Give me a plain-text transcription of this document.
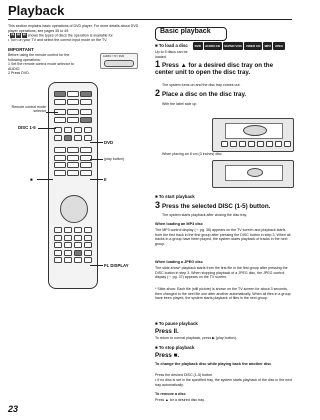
Playback
This section explains basic operations of DVD player. For more details about DVD player operations, see pages 35 to 49.
• ▮▮	▮▮	▮▮ shows the types of discs the operation is available for.
• Turn on your TV and select the correct input mode on the TV.
IMPORTANT
Before using the remote control for the following operations:
1 Set the remote control mode selector to AUDIO.
2 Press DVD.
AUDIO / TV / DVD
Remote control mode selector
DISC 1-5
DVD
(play button)
■	II
FL DISPLAY
23
Basic playback
■ To load a disc	DVD	AUDIO CD	SUPER VCD	VIDEO CD	MP3	JPEG
Up to 5 discs can be loaded.
1 Press ▲ for a desired disc tray on the center unit to open the disc tray.
The system turns on and the disc tray comes out.
2 Place a disc on the disc tray.
With the label side up
When placing an 8 cm (3 inches) disc
■ To start playback
3 Press the selected DISC (1-5) button.
The system starts playback after closing the disc tray.
When loading an MP3 disc
The MP3 control display (☞ pg. 36) appears on the TV screen and playback starts from the first track in the first group after pressing the DISC button in step 3. When all tracks in a group have been played, the system starts playback of tracks in the next group.
When loading a JPEG disc
The slide-show* playback starts from the first file in the first group after pressing the DISC button in step 3. When stopping playback of a JPEG disc, the JPEG control display (☞ pg. 37) appears on the TV screen.
* Slide-show: Each file (still picture) is shown on the TV screen for about 3 seconds, then changed to the next file one after another automatically. When all files in a group have been played, the system starts playback of files in the next group.
■ To pause playback
Press II.
To return to normal playback, press ▶ (play button).
■ To stop playback
Press ■.
To change the playback disc while playing back the another disc
Press the desired DISC (1-5) button.
• If no disc is set in the specified tray, the system starts playback of the disc in the next tray automatically.
To remove a disc
Press ▲ for a desired disc tray.
